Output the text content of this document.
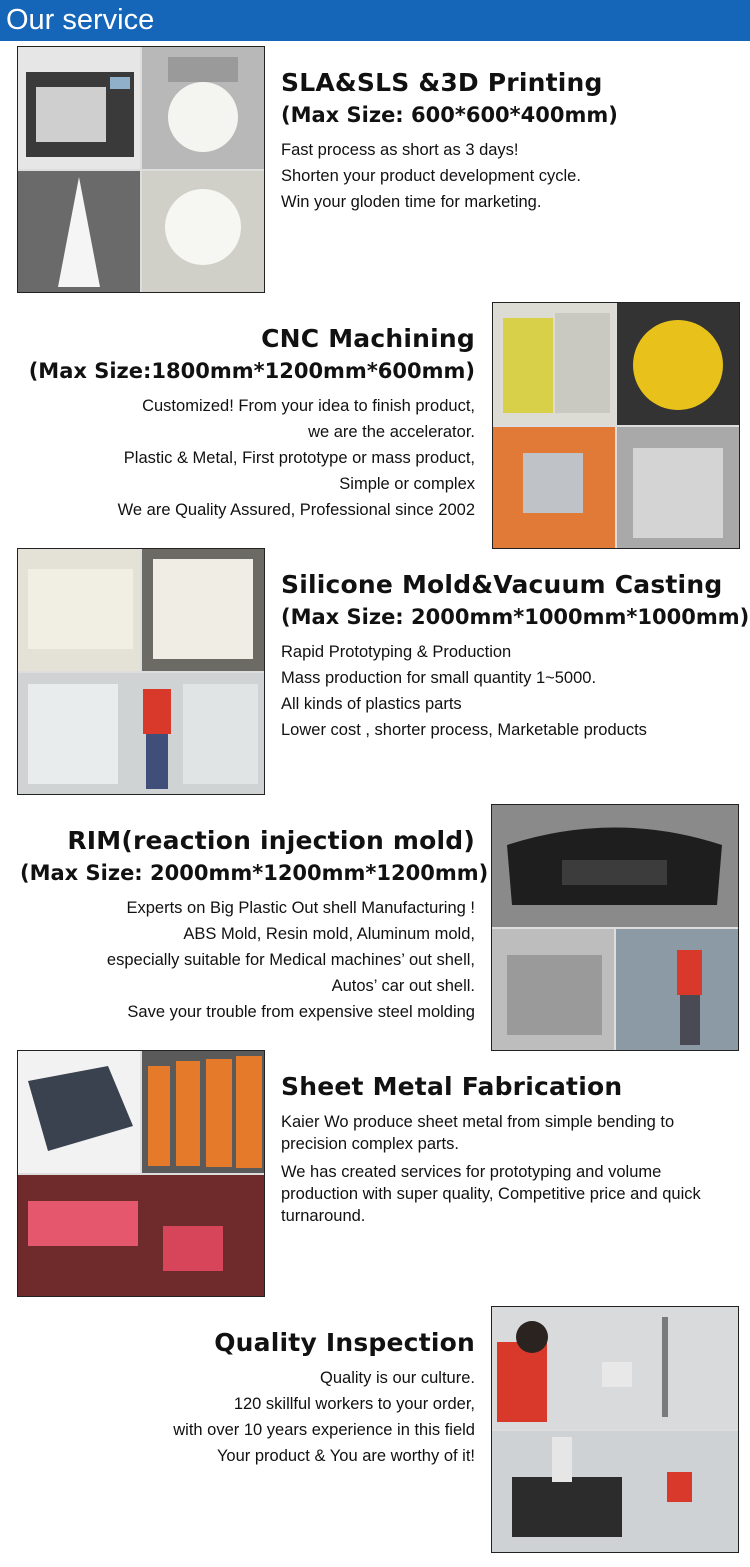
Our service
SLA&SLS &3D Printing
(Max Size: 600*600*400mm)
Fast process as short as 3 days!
Shorten your product development cycle.
Win your gloden time for marketing.
CNC Machining
(Max Size:1800mm*1200mm*600mm)
Customized! From your idea to finish product,
we are the accelerator.
Plastic & Metal, First prototype or mass product,
Simple or complex
We are Quality Assured, Professional since 2002
Silicone Mold&Vacuum Casting
(Max Size: 2000mm*1000mm*1000mm)
Rapid Prototyping & Production
Mass production for small quantity 1~5000.
All kinds of plastics parts
Lower cost , shorter process, Marketable products
RIM(reaction injection mold)
(Max Size: 2000mm*1200mm*1200mm)
Experts on Big Plastic Out shell Manufacturing !
ABS Mold, Resin mold, Aluminum mold,
especially suitable for Medical machines’ out shell,
Autos’ car out shell.
Save your trouble from expensive steel molding
Sheet Metal Fabrication
Kaier Wo produce sheet metal from simple bending to precision complex parts.
We has created services for prototyping and volume production with super quality, Competitive price and quick turnaround.
Quality Inspection
Quality is our culture.
120 skillful workers to your order,
with over 10 years experience in this field
Your product & You are worthy of it!
